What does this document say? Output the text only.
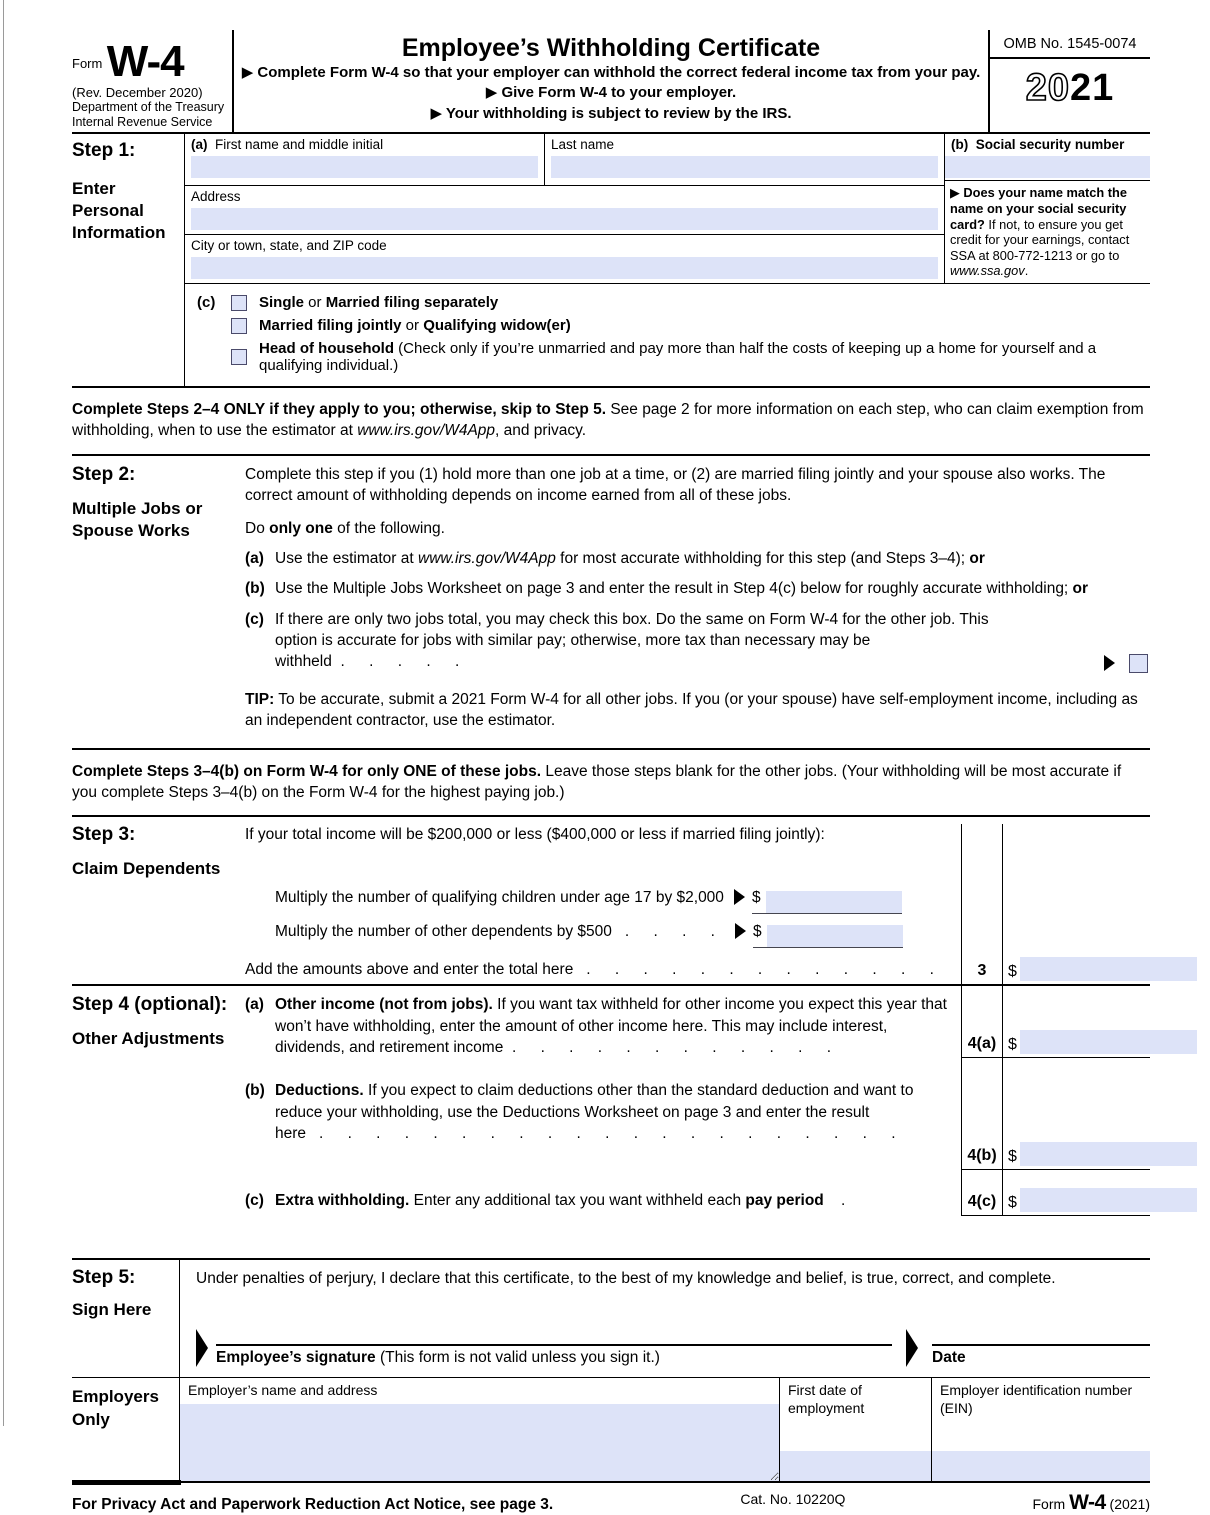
$^{Form}$ W-4
(Rev. December 2020)
Department of the Treasury
Internal Revenue Service
Employee’s Withholding Certificate
▶ Complete Form W-4 so that your employer can withhold the correct federal income tax from your pay.
▶ Give Form W-4 to your employer.
▶ Your withholding is subject to review by the IRS.
OMB No. 1545-0074
2021
Step 1:
Enter Personal Information
(a) First name and middle initial	Last name
Address
City or town, state, and ZIP code
(b) Social security number
▶ Does your name match the name on your social security card? If not, to ensure you get credit for your earnings, contact SSA at 800-772-1213 or go to www.ssa.gov.
(c)	Single or Married filing separately
Married filing jointly or Qualifying widow(er)
Head of household (Check only if you’re unmarried and pay more than half the costs of keeping up a home for yourself and a qualifying individual.)
Complete Steps 2–4 ONLY if they apply to you; otherwise, skip to Step 5. See page 2 for more information on each step, who can claim exemption from withholding, when to use the estimator at www.irs.gov/W4App, and privacy.
Step 2:
Multiple Jobs or Spouse Works
Complete this step if you (1) hold more than one job at a time, or (2) are married filing jointly and your spouse also works. The correct amount of withholding depends on income earned from all of these jobs.
Do only one of the following.
(a) Use the estimator at www.irs.gov/W4App for most accurate withholding for this step (and Steps 3–4); or
(b) Use the Multiple Jobs Worksheet on page 3 and enter the result in Step 4(c) below for roughly accurate withholding; or
(c) If there are only two jobs total, you may check this box. Do the same on Form W-4 for the other job. This option is accurate for jobs with similar pay; otherwise, more tax than necessary may be withheld . . . . .
TIP: To be accurate, submit a 2021 Form W-4 for all other jobs. If you (or your spouse) have self-employment income, including as an independent contractor, use the estimator.
Complete Steps 3–4(b) on Form W-4 for only ONE of these jobs. Leave those steps blank for the other jobs. (Your withholding will be most accurate if you complete Steps 3–4(b) on the Form W-4 for the highest paying job.)
Step 3:
Claim Dependents
If your total income will be $200,000 or less ($400,000 or less if married filing jointly):
Multiply the number of qualifying children under age 17 by $2,000 $
Multiply the number of other dependents by $500 . . . . $
Add the amounts above and enter the total here
. . . . . . . . . . . . .	3	$
Step 4 (optional):
Other Adjustments
(a) Other income (not from jobs). If you want tax withheld for other income you expect this year that won’t have withholding, enter the amount of other income here. This may include interest, dividends, and retirement income . . . . . . . . . . . .	4(a) $
(b) Deductions. If you expect to claim deductions other than the standard deduction and want to reduce your withholding, use the Deductions Worksheet on page 3 and enter the result here . . . . . . . . . . . . . . . . . . . . .
4(b) $
(c) Extra withholding. Enter any additional tax you want withheld each pay period .	4(c) $
Step 5:
Sign Here
Under penalties of perjury, I declare that this certificate, to the best of my knowledge and belief, is true, correct, and complete.
Employee’s signature (This form is not valid unless you sign it.)	Date
Employers Only
Employer’s name and address	First date of employment
Employer identification number (EIN)
For Privacy Act and Paperwork Reduction Act Notice, see page 3.	Cat. No. 10220Q	Form W-4 (2021)
